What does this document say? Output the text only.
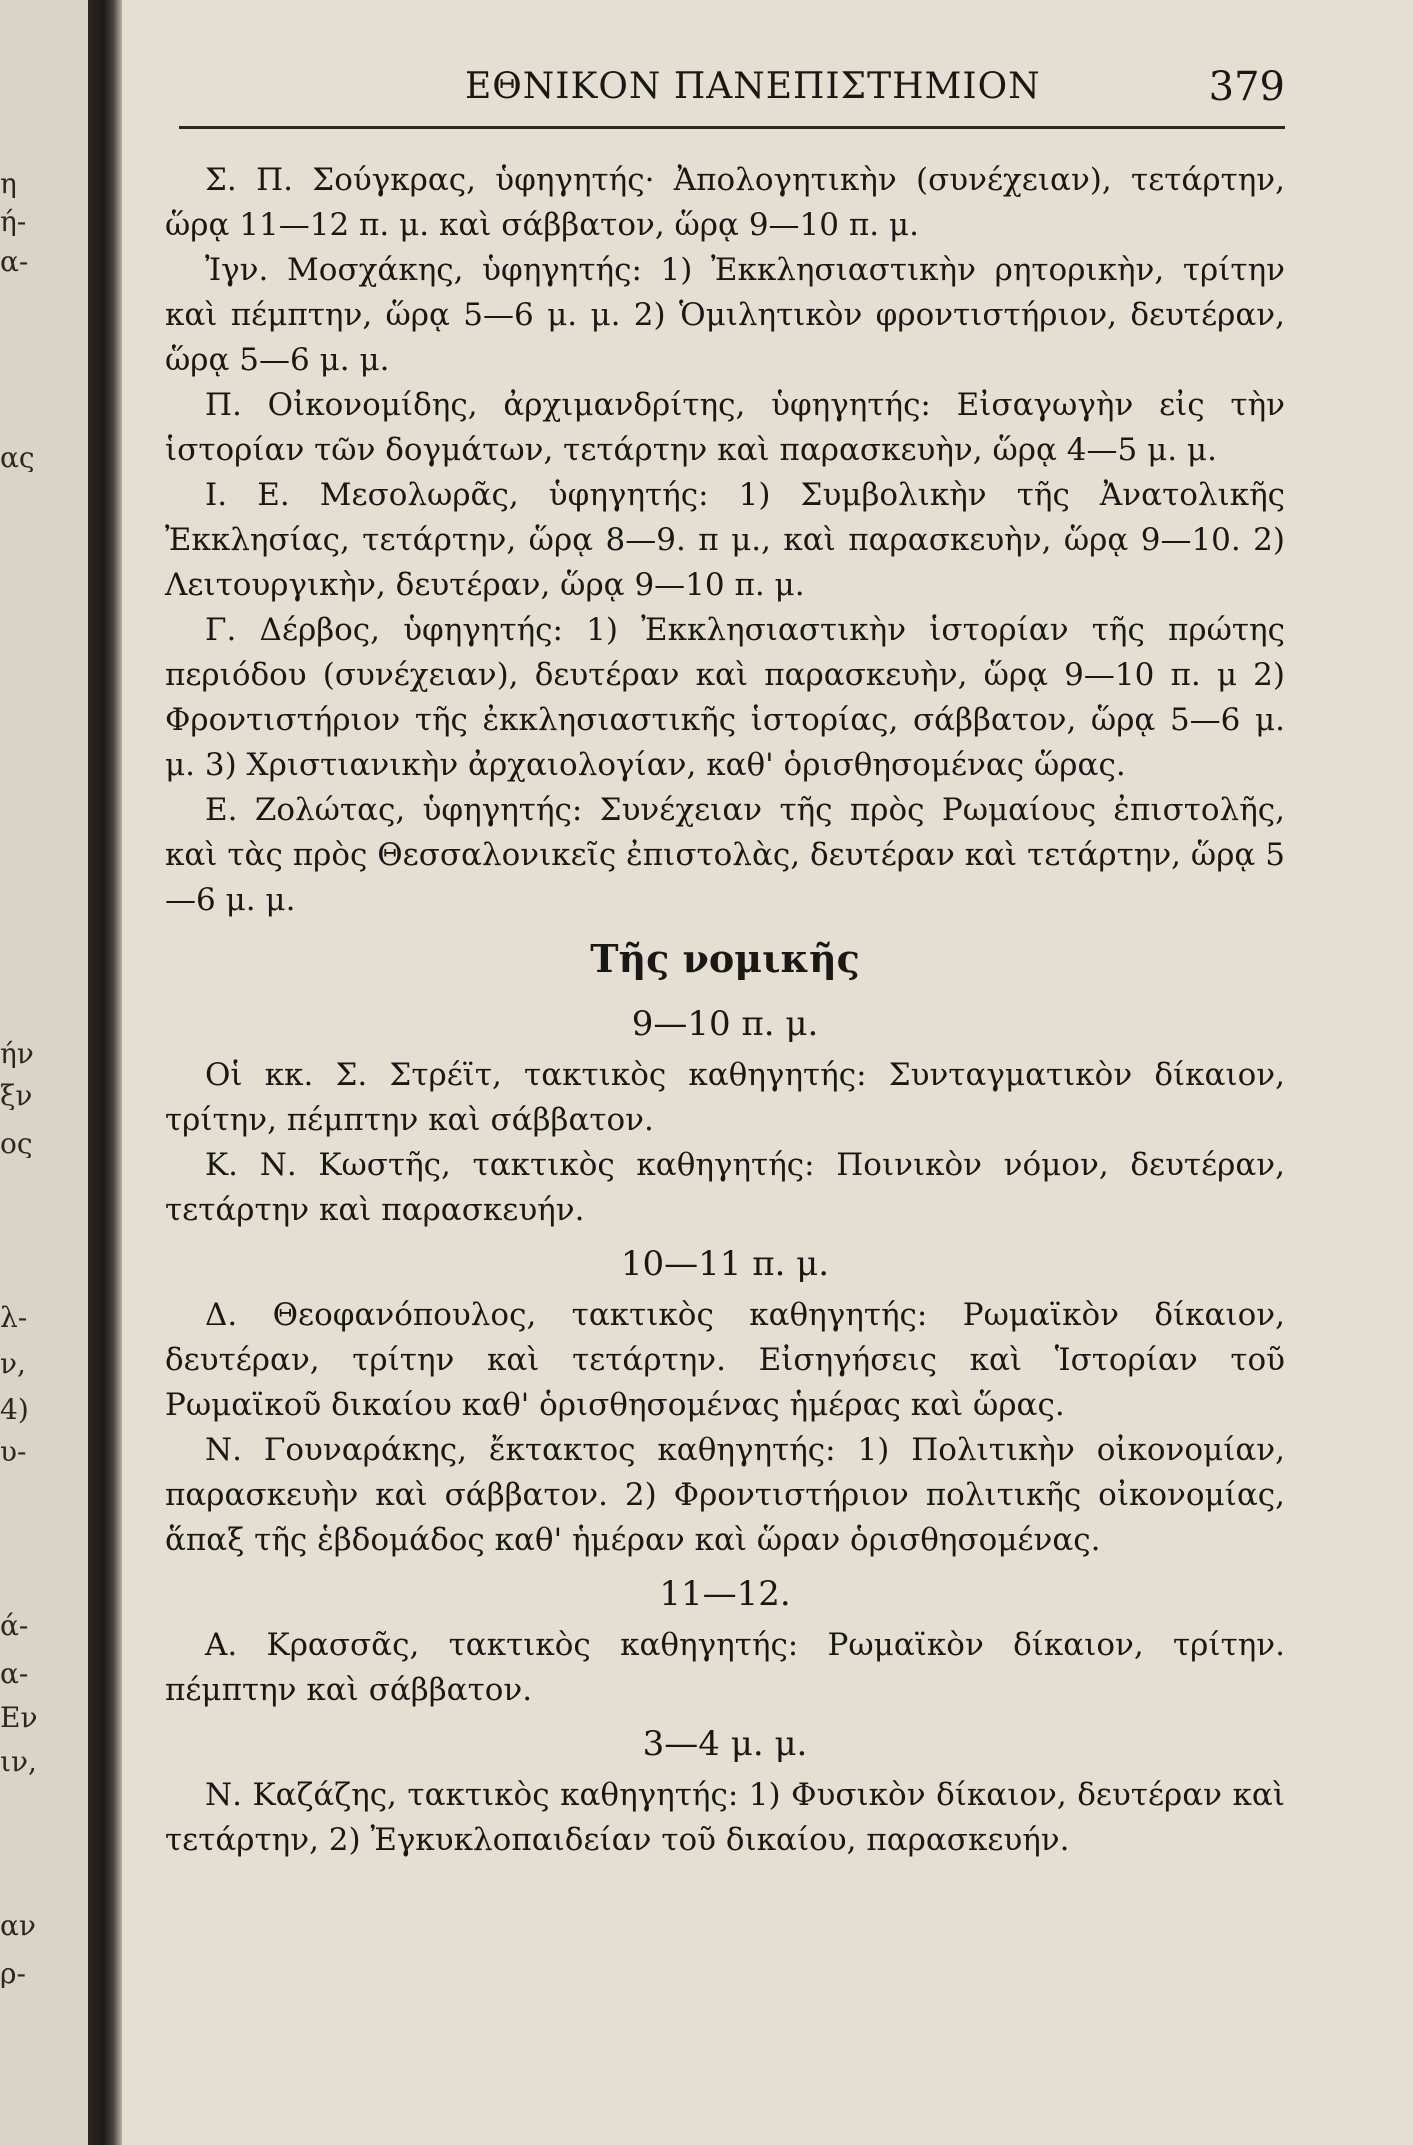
η
ή-
α-
ας
ήν
ξν
ος
λ-
ν,
4)
υ-
ά-
α-
Εν
ιν,
αν
ρ-
ΕΘΝΙΚΟΝ ΠΑΝΕΠΙΣΤΗΜΙΟΝ	379

Σ. Π. Σούγκρας, ὑφηγητής· Ἀπολογητικὴν (συνέχειαν), τετάρτην, ὥρᾳ 11—12 π. μ. καὶ σάββατον, ὥρᾳ 9—10 π. μ.

Ἰγν. Μοσχάκης, ὑφηγητής: 1) Ἐκκλησιαστικὴν ρητορικὴν, τρίτην καὶ πέμπτην, ὥρᾳ 5—6 μ. μ. 2) Ὁμιλητικὸν φροντιστήριον, δευτέραν, ὥρᾳ 5—6 μ. μ.

Π. Οἰκονομίδης, ἀρχιμανδρίτης, ὑφηγητής: Εἰσαγωγὴν εἰς τὴν ἱστορίαν τῶν δογμάτων, τετάρτην καὶ παρασκευὴν, ὥρᾳ 4—5 μ. μ.

Ι. Ε. Μεσολωρᾶς, ὑφηγητής: 1) Συμβολικὴν τῆς Ἀνατολικῆς Ἐκκλησίας, τετάρτην, ὥρᾳ 8—9. π μ., καὶ παρασκευὴν, ὥρᾳ 9—10. 2) Λειτουργικὴν, δευτέραν, ὥρᾳ 9—10 π. μ.

Γ. Δέρβος, ὑφηγητής: 1) Ἐκκλησιαστικὴν ἱστορίαν τῆς πρώτης περιόδου (συνέχειαν), δευτέραν καὶ παρασκευὴν, ὥρᾳ 9—10 π. μ 2) Φροντιστήριον τῆς ἐκκλησιαστικῆς ἱστορίας, σάββατον, ὥρᾳ 5—6 μ. μ. 3) Χριστιανικὴν ἀρχαιολογίαν, καθ' ὁρισθησομένας ὥρας.

Ε. Ζολώτας, ὑφηγητής: Συνέχειαν τῆς πρὸς Ρωμαίους ἐπιστολῆς, καὶ τὰς πρὸς Θεσσαλονικεῖς ἐπιστολὰς, δευτέραν καὶ τετάρτην, ὥρᾳ 5—6 μ. μ.

Τῆς νομικῆς
9—10 π. μ.

Οἱ κκ. Σ. Στρέϊτ, τακτικὸς καθηγητής: Συνταγματικὸν δίκαιον, τρίτην, πέμπτην καὶ σάββατον.

Κ. Ν. Κωστῆς, τακτικὸς καθηγητής: Ποινικὸν νόμον, δευτέραν, τετάρτην καὶ παρασκευήν.

10—11 π. μ.

Δ. Θεοφανόπουλος, τακτικὸς καθηγητής: Ρωμαϊκὸν δίκαιον, δευτέραν, τρίτην καὶ τετάρτην. Εἰσηγήσεις καὶ Ἱστορίαν τοῦ Ρωμαϊκοῦ δικαίου καθ' ὁρισθησομένας ἡμέρας καὶ ὥρας.

Ν. Γουναράκης, ἔκτακτος καθηγητής: 1) Πολιτικὴν οἰκονομίαν, παρασκευὴν καὶ σάββατον. 2) Φροντιστήριον πολιτικῆς οἰκονομίας, ἅπαξ τῆς ἑβδομάδος καθ' ἡμέραν καὶ ὥραν ὁρισθησομένας.

11—12.

Α. Κρασσᾶς, τακτικὸς καθηγητής: Ρωμαϊκὸν δίκαιον, τρίτην. πέμπτην καὶ σάββατον.

3—4 μ. μ.

Ν. Καζάζης, τακτικὸς καθηγητής: 1) Φυσικὸν δίκαιον, δευτέραν καὶ τετάρτην, 2) Ἐγκυκλοπαιδείαν τοῦ δικαίου, παρασκευήν.
